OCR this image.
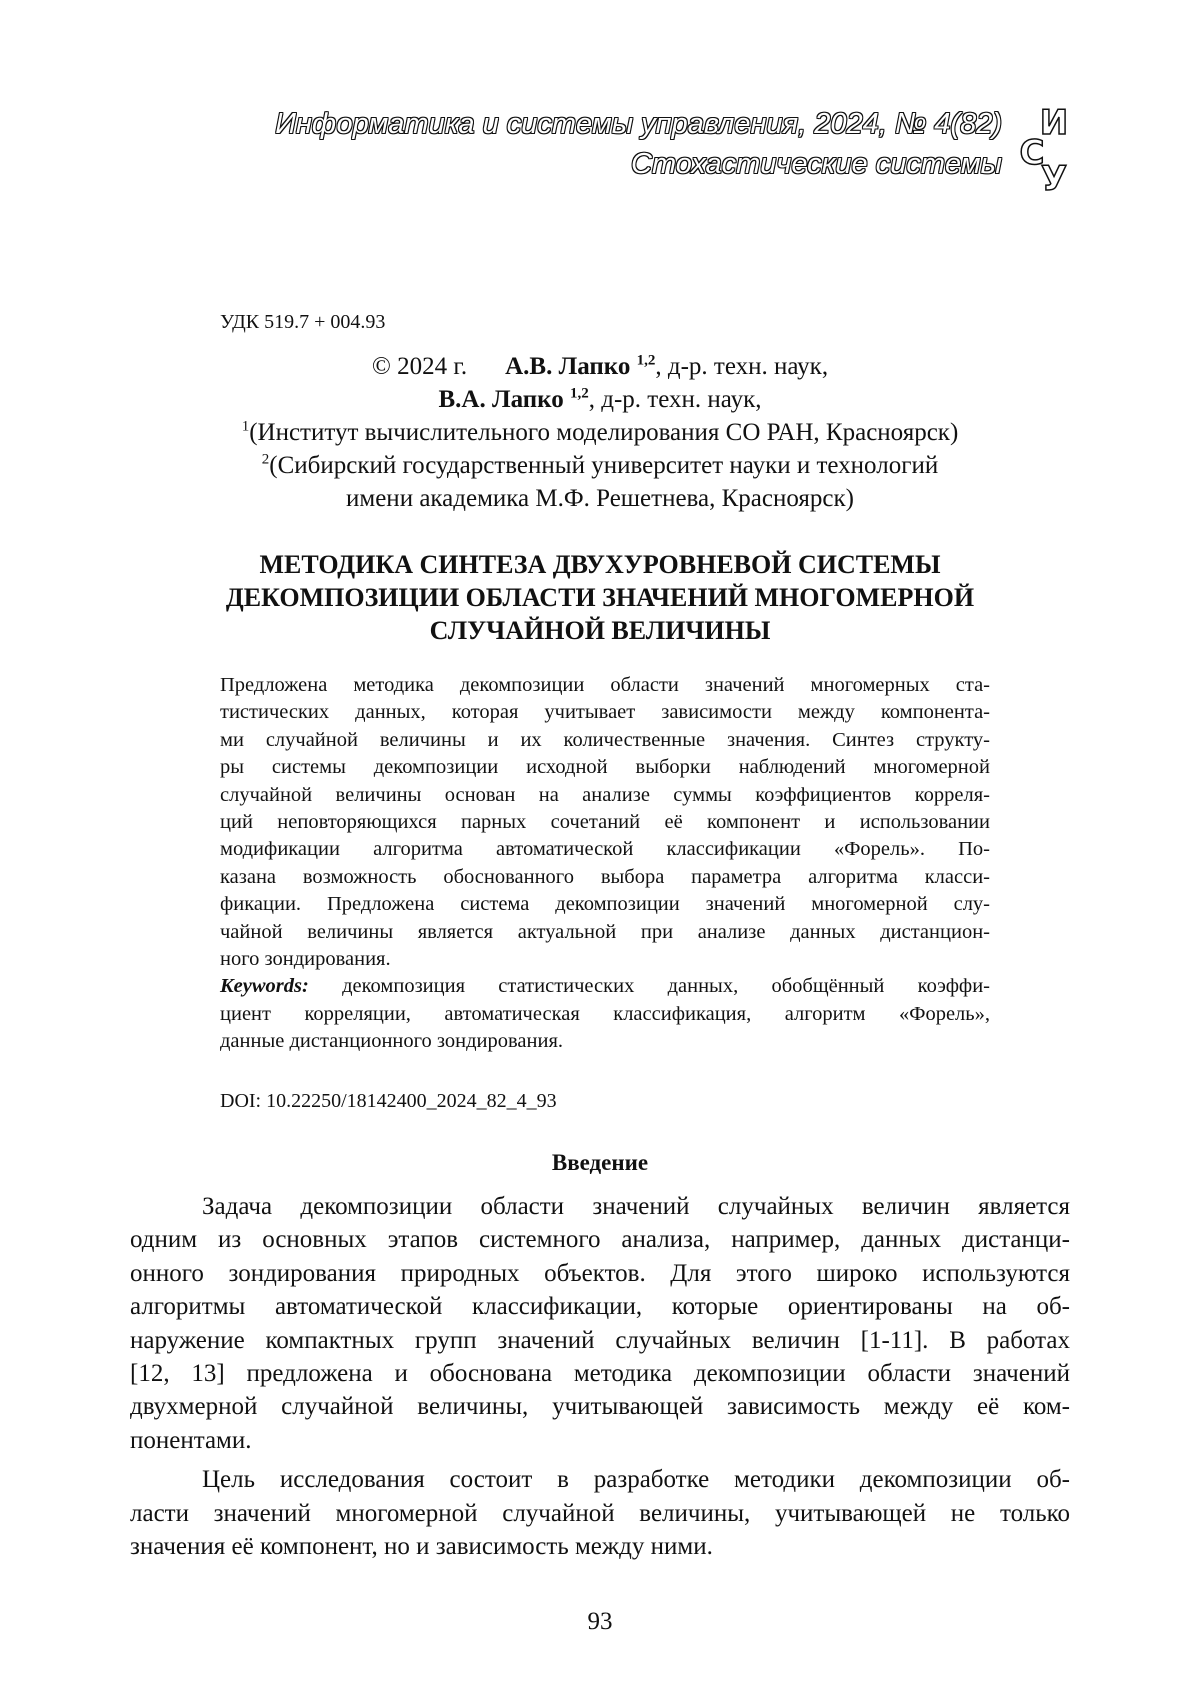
Информатика и системы управления, 2024, № 4(82)
Стохастические системы
И
С
У
УДК 519.7 + 004.93
© 2024 г. А.В. Лапко $^{1,2}$, д-р. техн. наук,
В.А. Лапко $^{1,2}$, д-р. техн. наук,
$^1$(Институт вычислительного моделирования СО РАН, Красноярск)
$^2$(Сибирский государственный университет науки и технологий
имени академика М.Ф. Решетнева, Красноярск)
МЕТОДИКА СИНТЕЗА ДВУХУРОВНЕВОЙ СИСТЕМЫ
ДЕКОМПОЗИЦИИ ОБЛАСТИ ЗНАЧЕНИЙ МНОГОМЕРНОЙ
СЛУЧАЙНОЙ ВЕЛИЧИНЫ
Предложена методика декомпозиции области значений многомерных ста-
тистических данных, которая учитывает зависимости между компонента-
ми случайной величины и их количественные значения. Синтез структу-
ры системы декомпозиции исходной выборки наблюдений многомерной
случайной величины основан на анализе суммы коэффициентов корреля-
ций неповторяющихся парных сочетаний её компонент и использовании
модификации алгоритма автоматической классификации «Форель». По-
казана возможность обоснованного выбора параметра алгоритма класси-
фикации. Предложена система декомпозиции значений многомерной слу-
чайной величины является актуальной при анализе данных дистанцион-
ного зондирования.
Keywords: декомпозиция статистических данных, обобщённый коэффи-
циент корреляции, автоматическая классификация, алгоритм «Форель»,
данные дистанционного зондирования.
DOI: 10.22250/18142400_2024_82_4_93
Введение
Задача декомпозиции области значений случайных величин является
одним из основных этапов системного анализа, например, данных дистанци-
онного зондирования природных объектов. Для этого широко используются
алгоритмы автоматической классификации, которые ориентированы на об-
наружение компактных групп значений случайных величин [1-11]. В работах
[12, 13] предложена и обоснована методика декомпозиции области значений
двухмерной случайной величины, учитывающей зависимость между её ком-
понентами.
Цель исследования состоит в разработке методики декомпозиции об-
ласти значений многомерной случайной величины, учитывающей не только
значения её компонент, но и зависимость между ними.
93
